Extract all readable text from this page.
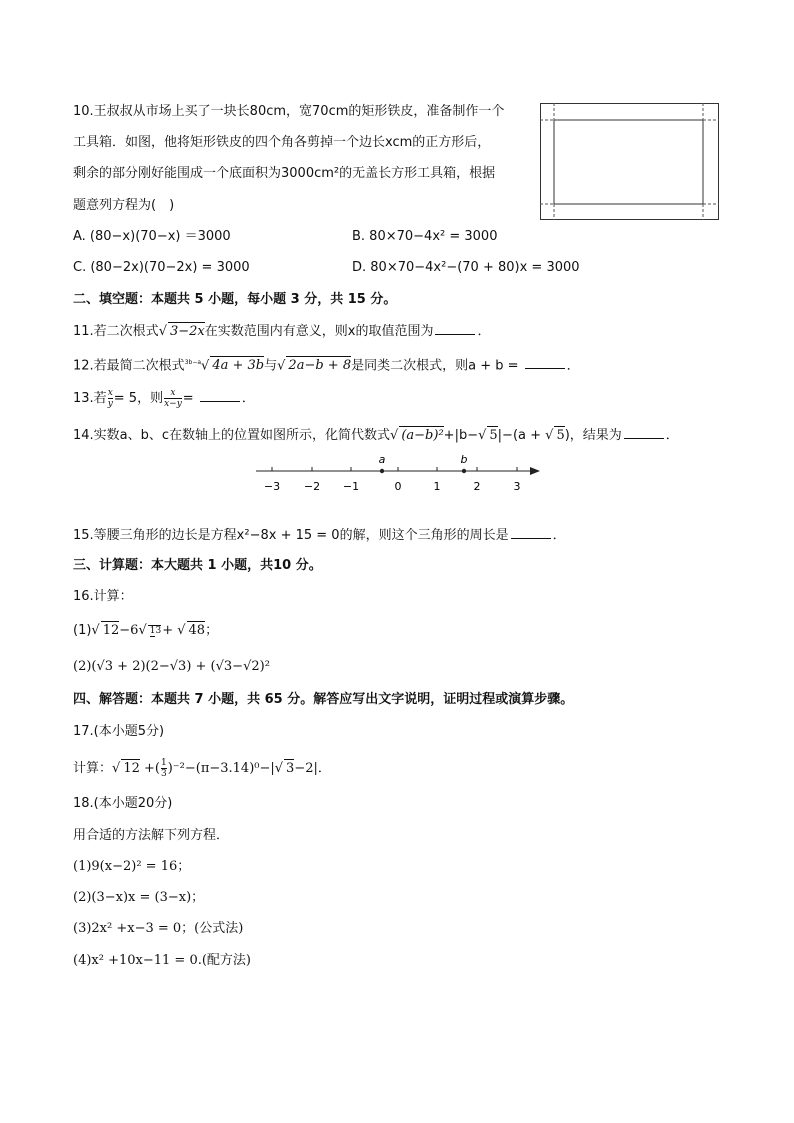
10.王叔叔从市场上买了一块长80cm，宽70cm的矩形铁皮，准备制作一个
工具箱．如图，他将矩形铁皮的四个角各剪掉一个边长xcm的正方形后，
剩余的部分刚好能围成一个底面积为3000cm²的无盖长方形工具箱，根据
题意列方程为(　)
A. (80−x)(70−x) ＝3000	B. 80×70−4x² = 3000
C. (80−2x)(70−2x) = 3000	D. 80×70−4x²−(70 + 80)x = 3000
二、填空题：本题共 5 小题，每小题 3 分，共 15 分。
11.若二次根式√ 3−2x在实数范围内有意义，则x的取值范围为	．
12.若最简二次根式$^{3b-a}$√ 4a + 3b与√ 2a−b + 8是同类二次根式，则a + b =	．
13.若 $\frac{x}{y} = 5$，则 $\frac{x}{x-y}$ =	．
14.实数a、b、c在数轴上的位置如图所示，化简代数式√ (a−b)²+|b−√ 5|−(a + √ 5)，结果为	．
a	b
−3 −2 −1	0	1	2	3
15.等腰三角形的边长是方程x²−8x + 15 = 0的解，则这个三角形的周长是	．
三、计算题：本大题共 1 小题，共10 分。
16.计算：
(1)√ 12−6√ 13+ √ 48；
(2)(√3 + 2)(2−√3) + (√3−√2)²
四、解答题：本题共 7 小题，共 65 分。解答应写出文字说明，证明过程或演算步骤。
17.(本小题5分)
计算：√ 12 +( $\frac{1}{3} )^{-2}-(\pi-3.14)^0-|√$ 3−2|．
18.(本小题20分)
用合适的方法解下列方程．
(1)9(x−2)² = 16；
(2)(3−x)x = (3−x)；
(3)2x² +x−3 = 0；(公式法)
(4)x² +10x−11 = 0.(配方法)
